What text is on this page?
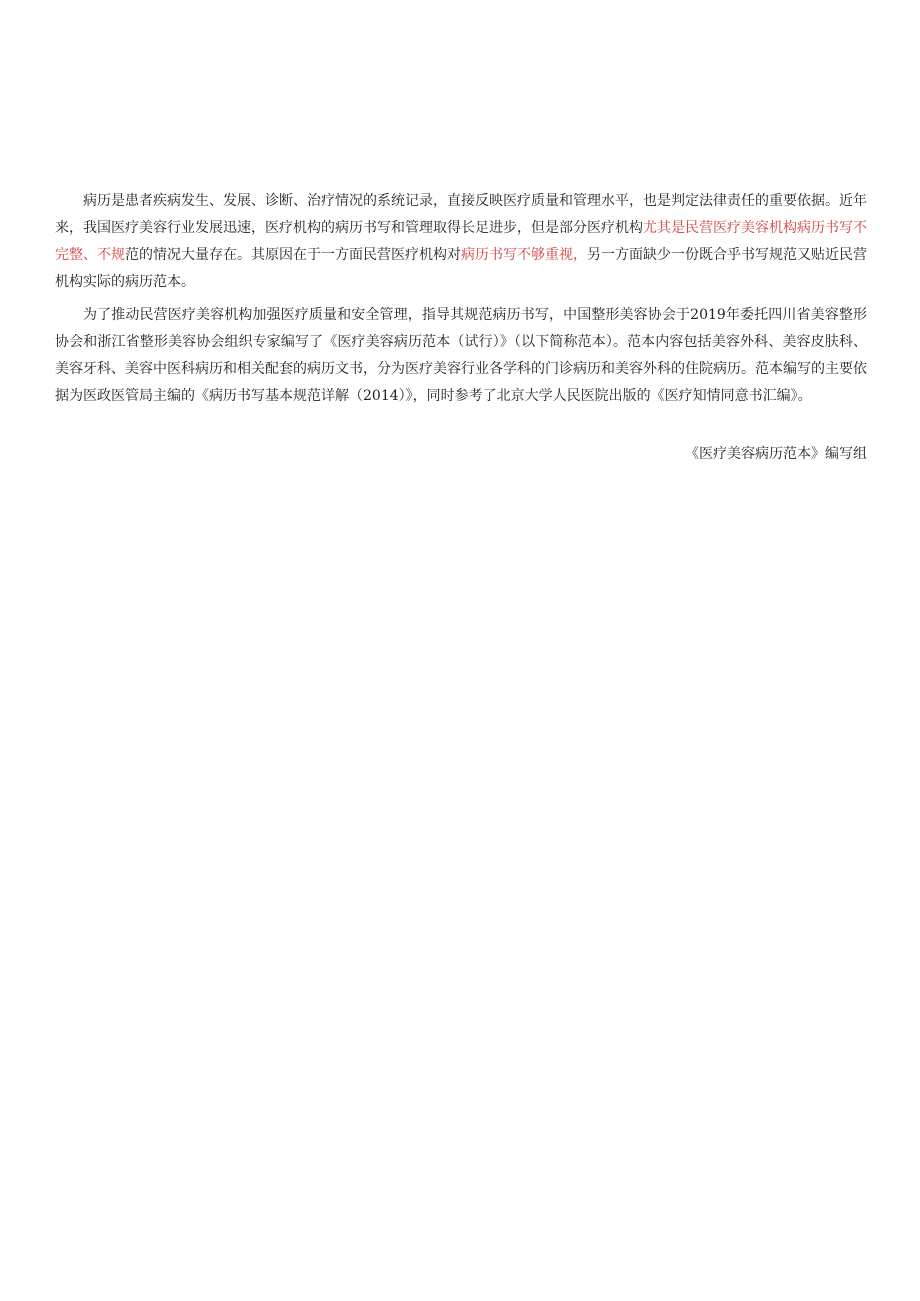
病历是患者疾病发生、发展、诊断、治疗情况的系统记录，直接反映医疗质量和管理水平，也是判定法律责任的重要依据。近年来，我国医疗美容行业发展迅速，医疗机构的病历书写和管理取得长足进步，但是部分医疗机构尤其是民营医疗美容机构病历书写不完整、不规范的情况大量存在。其原因在于一方面民营医疗机构对病历书写不够重视，另一方面缺少一份既合乎书写规范又贴近民营机构实际的病历范本。

为了推动民营医疗美容机构加强医疗质量和安全管理，指导其规范病历书写，中国整形美容协会于2019年委托四川省美容整形协会和浙江省整形美容协会组织专家编写了《医疗美容病历范本（试行）》（以下简称范本）。范本内容包括美容外科、美容皮肤科、美容牙科、美容中医科病历和相关配套的病历文书，分为医疗美容行业各学科的门诊病历和美容外科的住院病历。范本编写的主要依据为医政医管局主编的《病历书写基本规范详解（2014）》，同时参考了北京大学人民医院出版的《医疗知情同意书汇编》。

《医疗美容病历范本》编写组
